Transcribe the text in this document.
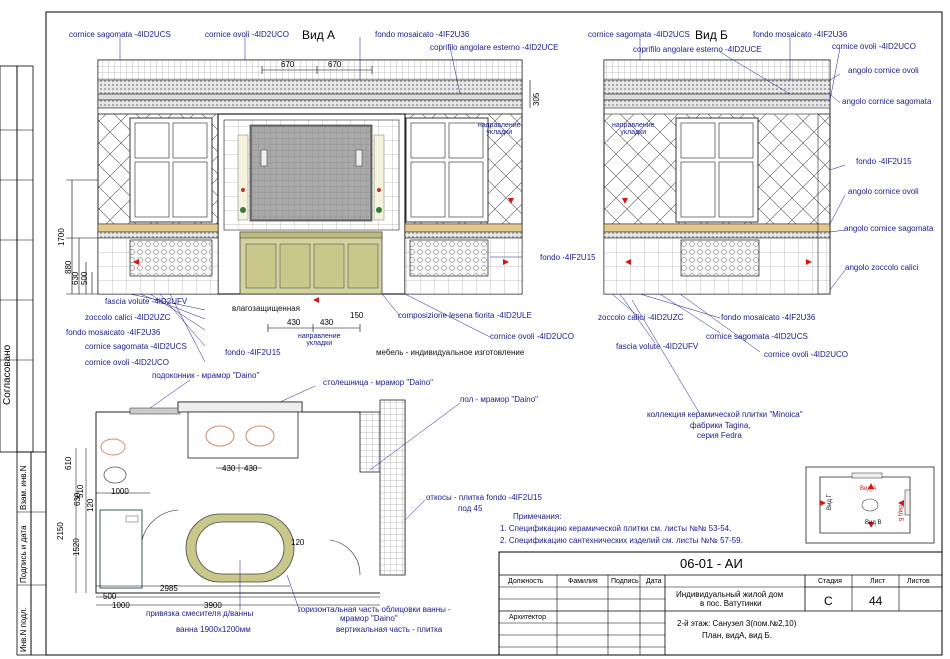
Вид А	Вид Б
cornice sagomata -4ID2UCS	cornice ovoli -4ID2UCO	fondo mosaicato -4IF2U36
coprifilo angolare esterno -4ID2UCE
направление
укладки
fondo -4IF2U15
fascia volute -4ID2UFV
zoccolo calici -4ID2UZC
fondo mosaicato -4IF2U36
cornice sagomata -4ID2UCS
cornice ovoli -4ID2UCO
влагозащищенная
fondo -4IF2U15
направление
укладки
composizione lesena fiorita -4ID2ULE
cornice ovoli -4ID2UCO
мебель - индивидуальное изготовление
670	670
305
1700
880
630 500
430 430
150
cornice sagomata -4ID2UCS	fondo mosaicato -4IF2U36
coprifilo angolare esterno -4ID2UCE	cornice ovoli -4ID2UCO
angolo cornice ovoli
angolo cornice sagomata
направление
укладки
fondo -4IF2U15
angolo cornice ovoli
angolo cornice sagomata
angolo zoccolo calici
zoccolo calici -4ID2UZC	fondo mosaicato -4IF2U36
fascia volute -4ID2UFV
cornice sagomata -4ID2UCS
cornice ovoli -4ID2UCO
коллекция керамической плитки "Minoica"
фабрики Tagina,
серия Fedra
подоконник - мрамор "Daino"
столешница - мрамор "Daino"
пол - мрамор "Daino"
откосы - плитка fondo -4IF2U15
под 45
привязка смесителя д/ванны
ванна 1900х1200мм
горизонтальная часть облицовки ванны -
мрамор "Daino"
вертикальная часть - плитка
430 430
610
510
120
2150
1520
630
1000
120
2985
500
1000	3900
Примечания:
1. Спецификацию керамической плитки см. листы №№ 53-54.
2. Спецификацию сантехнических изделий см. листы №№ 57-59.
Вид А
Вид Б
Вид Г
Вид В
06-01 - АИ
Должность	Фамилия Подпись Дата
Архитектор
Индивидуальный жилой дом
в пос. Ватутинки
2-й этаж: Санузел 3(пом.№2,10)
План, видА, вид Б.
Стадия	Лист	Листов
С	44
Согласовано
Взам. инв.N
Подпись и дата
Инв.N подл.
